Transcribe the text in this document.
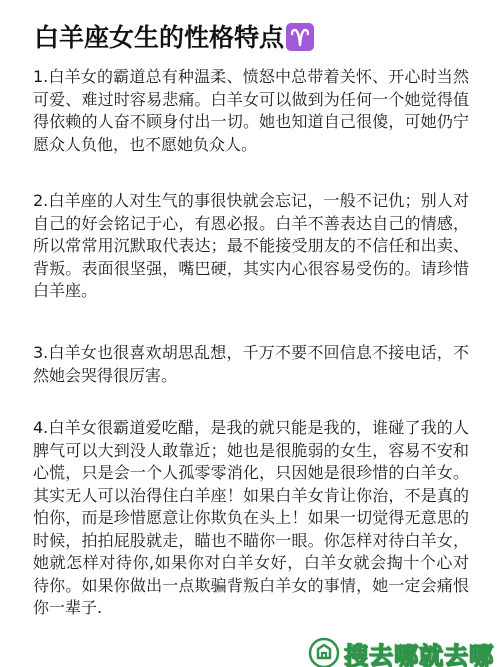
白羊座女生的性格特点

1.白羊女的霸道总有种温柔、愤怒中总带着关怀、开心时当然可爱、难过时容易悲痛。白羊女可以做到为任何一个她觉得值得依赖的人奋不顾身付出一切。她也知道自己很傻，可她仍宁愿众人负他，也不愿她负众人。

2.白羊座的人对生气的事很快就会忘记，一般不记仇；别人对自己的好会铭记于心，有恩必报。白羊不善表达自己的情感，所以常常用沉默取代表达；最不能接受朋友的不信任和出卖、背叛。表面很坚强，嘴巴硬，其实内心很容易受伤的。请珍惜白羊座。

3.白羊女也很喜欢胡思乱想，千万不要不回信息不接电话，不然她会哭得很厉害。

4.白羊女很霸道爱吃醋，是我的就只能是我的，谁碰了我的人脾气可以大到没人敢靠近；她也是很脆弱的女生，容易不安和心慌，只是会一个人孤零零消化，只因她是很珍惜的白羊女。其实无人可以治得住白羊座！如果白羊女肯让你治，不是真的怕你，而是珍惜愿意让你欺负在头上！如果一切觉得无意思的时候，拍拍屁股就走，瞄也不瞄你一眼。你怎样对待白羊女，她就怎样对待你,如果你对白羊女好，白羊女就会掏十个心对待你。如果你做出一点欺骗背叛白羊女的事情，她一定会痛恨你一辈子.

搜去哪就去哪
